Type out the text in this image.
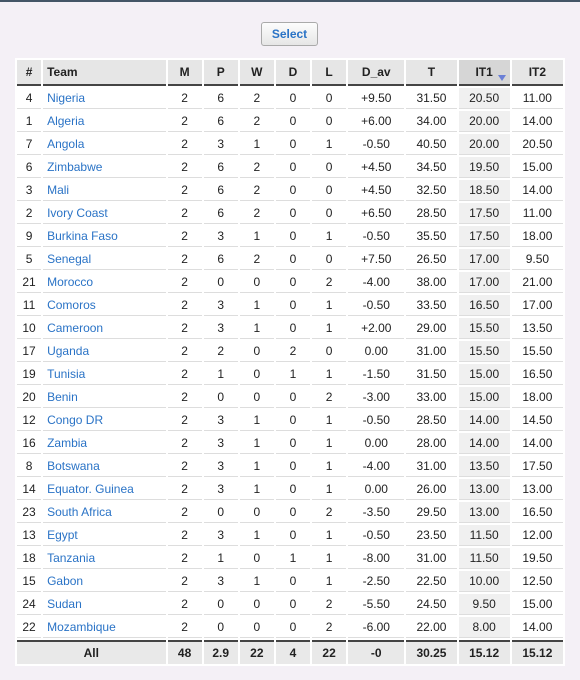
Select
#	Team	M	P	W	D	L	D_av	T	IT1	IT2
4	Nigeria	2	6	2	0	0	+9.50	31.50	20.50	11.00
1	Algeria	2	6	2	0	0	+6.00	34.00	20.00	14.00
7	Angola	2	3	1	0	1	-0.50	40.50	20.00	20.50
6	Zimbabwe	2	6	2	0	0	+4.50	34.50	19.50	15.00
3	Mali	2	6	2	0	0	+4.50	32.50	18.50	14.00
2	Ivory Coast	2	6	2	0	0	+6.50	28.50	17.50	11.00
9	Burkina Faso	2	3	1	0	1	-0.50	35.50	17.50	18.00
5	Senegal	2	6	2	0	0	+7.50	26.50	17.00	9.50
21	Morocco	2	0	0	0	2	-4.00	38.00	17.00	21.00
11	Comoros	2	3	1	0	1	-0.50	33.50	16.50	17.00
10	Cameroon	2	3	1	0	1	+2.00	29.00	15.50	13.50
17	Uganda	2	2	0	2	0	0.00	31.00	15.50	15.50
19	Tunisia	2	1	0	1	1	-1.50	31.50	15.00	16.50
20	Benin	2	0	0	0	2	-3.00	33.00	15.00	18.00
12	Congo DR	2	3	1	0	1	-0.50	28.50	14.00	14.50
16	Zambia	2	3	1	0	1	0.00	28.00	14.00	14.00
8	Botswana	2	3	1	0	1	-4.00	31.00	13.50	17.50
14	Equator. Guinea	2	3	1	0	1	0.00	26.00	13.00	13.00
23	South Africa	2	0	0	0	2	-3.50	29.50	13.00	16.50
13	Egypt	2	3	1	0	1	-0.50	23.50	11.50	12.00
18	Tanzania	2	1	0	1	1	-8.00	31.00	11.50	19.50
15	Gabon	2	3	1	0	1	-2.50	22.50	10.00	12.50
24	Sudan	2	0	0	0	2	-5.50	24.50	9.50	15.00
22	Mozambique	2	0	0	0	2	-6.00	22.00	8.00	14.00
All		48	2.9	22	4	22	-0	30.25	15.12	15.12
